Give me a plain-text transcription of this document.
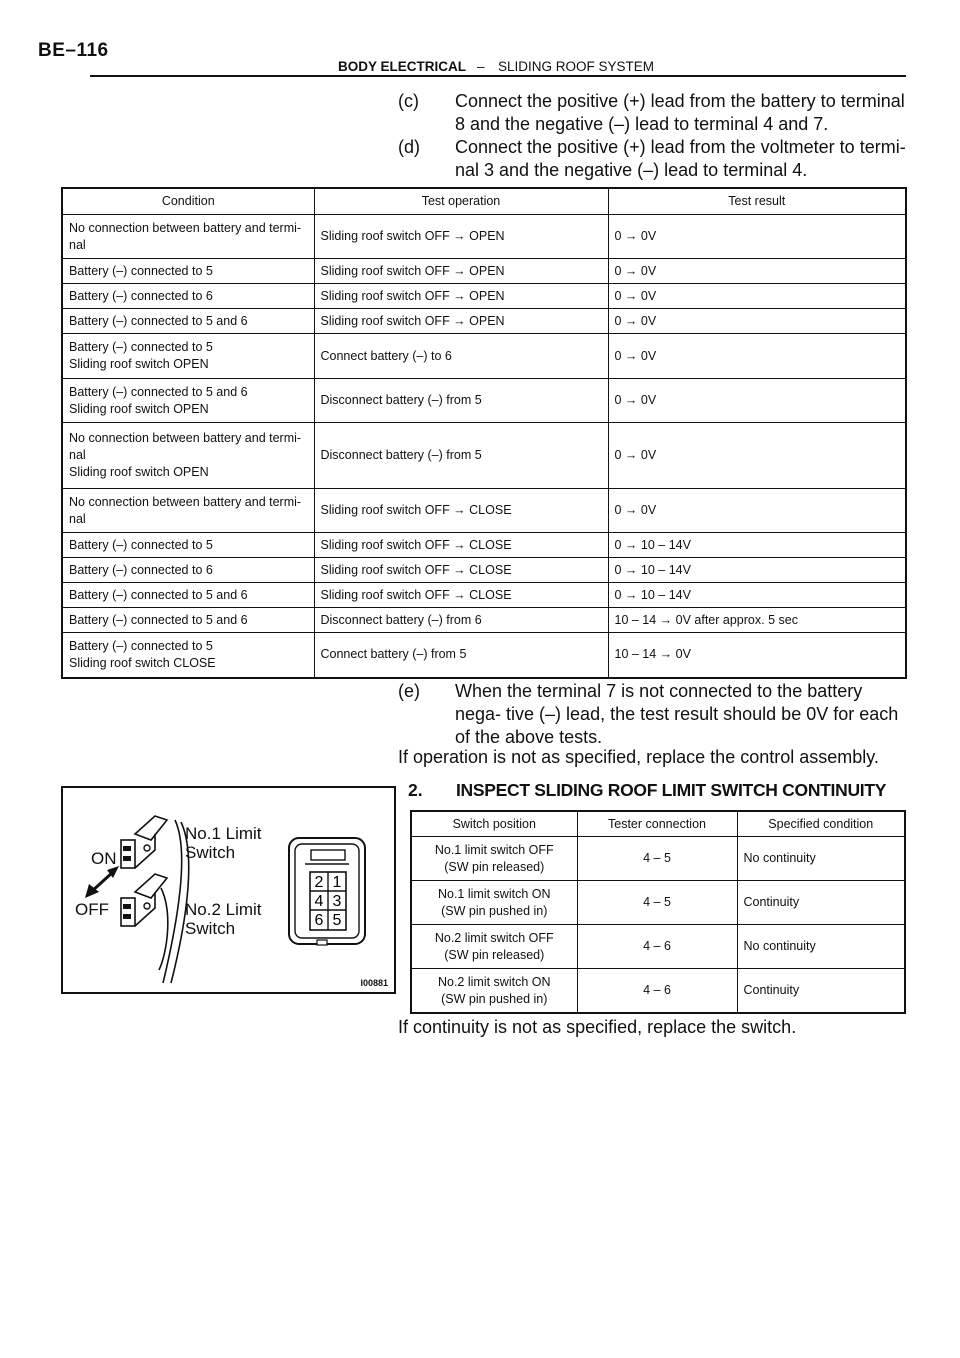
BE–116
BODY ELECTRICAL – SLIDING ROOF SYSTEM
(c) Connect the positive (+) lead from the battery to terminal 8 and the negative (–) lead to terminal 4 and 7.
(d) Connect the positive (+) lead from the voltmeter to termi- nal 3 and the negative (–) lead to terminal 4.
Condition	Test operation	Test result
No connection between battery and termi-
nal	Sliding roof switch OFF → OPEN	0 → 0V
Battery (–) connected to 5	Sliding roof switch OFF → OPEN	0 → 0V
Battery (–) connected to 6	Sliding roof switch OFF → OPEN	0 → 0V
Battery (–) connected to 5 and 6	Sliding roof switch OFF → OPEN	0 → 0V
Battery (–) connected to 5
Sliding roof switch OPEN	Connect battery (–) to 6	0 → 0V
Battery (–) connected to 5 and 6
Sliding roof switch OPEN	Disconnect battery (–) from 5	0 → 0V
No connection between battery and termi-
nal
Sliding roof switch OPEN	Disconnect battery (–) from 5	0 → 0V
No connection between battery and termi-
nal	Sliding roof switch OFF → CLOSE	0 → 0V
Battery (–) connected to 5	Sliding roof switch OFF → CLOSE	0 → 10 – 14V
Battery (–) connected to 6	Sliding roof switch OFF → CLOSE	0 → 10 – 14V
Battery (–) connected to 5 and 6	Sliding roof switch OFF → CLOSE	0 → 10 – 14V
Battery (–) connected to 5 and 6	Disconnect battery (–) from 6	10 – 14 → 0V after approx. 5 sec
Battery (–) connected to 5
Sliding roof switch CLOSE	Connect battery (–) from 5	10 – 14 → 0V
(e) When the terminal 7 is not connected to the battery nega- tive (–) lead, the test result should be 0V for each of the above tests.
If operation is not as specified, replace the control assembly.
2. INSPECT SLIDING ROOF LIMIT SWITCH CONTINUITY
2 1
4 3
6 5
No.1 Limit
Switch
No.2 Limit
Switch
ON
OFF
I00881
Switch position	Tester connection	Specified condition

No.1 limit switch OFF
(SW pin released)	4 – 5	No continuity

No.1 limit switch ON
(SW pin pushed in)	4 – 5	Continuity

No.2 limit switch OFF
(SW pin released)	4 – 6	No continuity

No.2 limit switch ON
(SW pin pushed in)	4 – 6	Continuity
If continuity is not as specified, replace the switch.
